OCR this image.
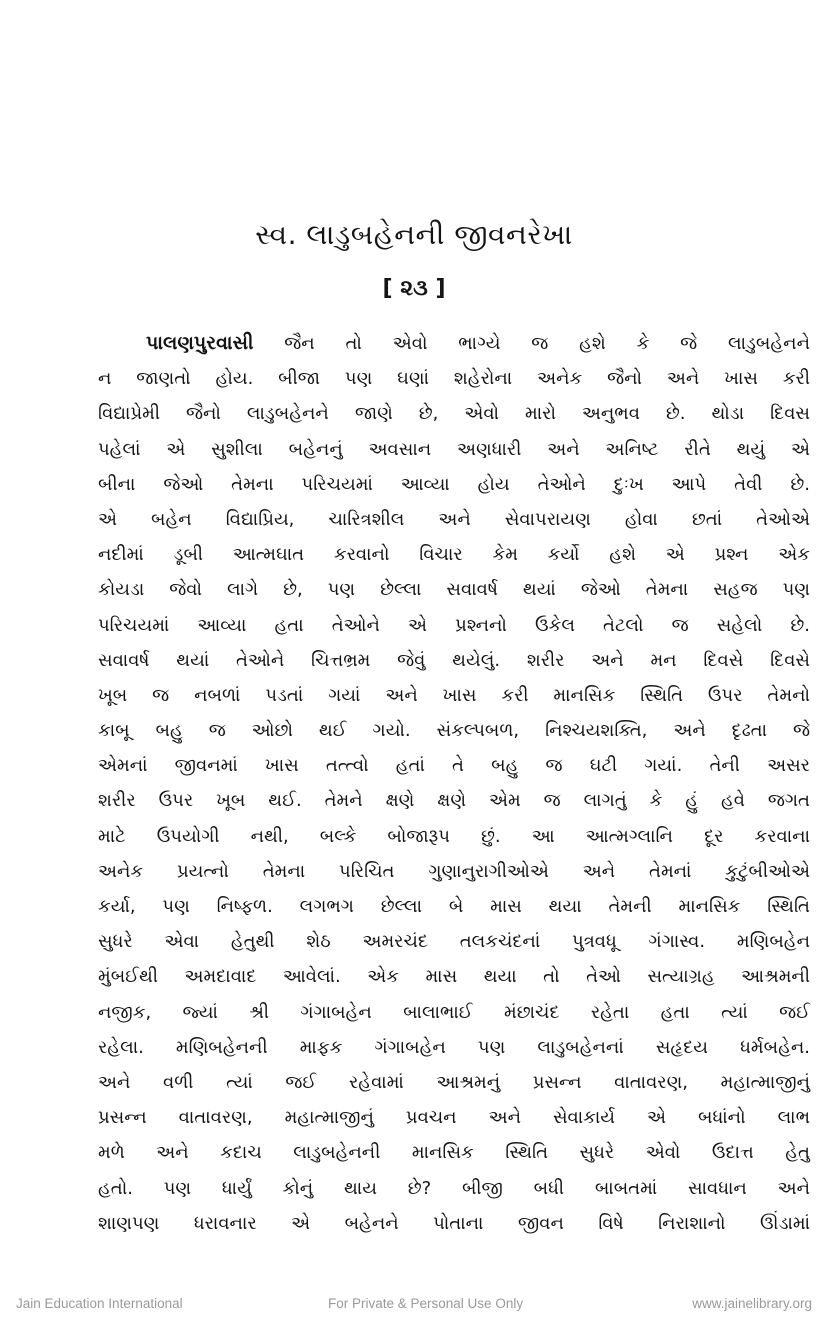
સ્વ. લાડુબહેનની જીવનરેખા
[ ૨૩ ]
પાલણપુરવાસી જૈન તો એવો ભાગ્યે જ હશે કે જે લાડુબહેનને
ન જાણતો હોય. બીજા પણ ઘણાં શહેરોના અનેક જૈનો અને ખાસ કરી
વિદ્યાપ્રેમી જૈનો લાડુબહેનને જાણે છે, એવો મારો અનુભવ છે. થોડા દિવસ
પહેલાં એ સુશીલા બહેનનું અવસાન અણધારી અને અનિષ્ટ રીતે થયું એ
બીના જેઓ તેમના પરિચયમાં આવ્યા હોય તેઓને દુઃખ આપે તેવી છે.
એ બહેન વિદ્યાપ્રિય, ચારિત્રશીલ અને સેવાપરાયણ હોવા છતાં તેઓએ
નદીમાં ડૂબી આત્મઘાત કરવાનો વિચાર કેમ કર્યો હશે એ પ્રશ્ન એક
કોયડા જેવો લાગે છે, પણ છેલ્લા સવાવર્ષ થયાં જેઓ તેમના સહજ પણ
પરિચયમાં આવ્યા હતા તેઓને એ પ્રશ્નનો ઉકેલ તેટલો જ સહેલો છે.
સવાવર્ષ થયાં તેઓને ચિત્તભ્રમ જેવું થયેલું. શરીર અને મન દિવસે દિવસે
ખૂબ જ નબળાં પડતાં ગયાં અને ખાસ કરી માનસિક સ્થિતિ ઉપર તેમનો
કાબૂ બહુ જ ઓછો થઈ ગયો. સંકલ્પબળ, નિશ્ચયશક્તિ, અને દૃઢતા જે
એમનાં જીવનમાં ખાસ તત્ત્વો હતાં તે બહુ જ ઘટી ગયાં. તેની અસર
શરીર ઉપર ખૂબ થઈ. તેમને ક્ષણે ક્ષણે એમ જ લાગતું કે હું હવે જગત
માટે ઉપયોગી નથી, બલ્કે બોજારૂપ છું. આ આત્મગ્લાનિ દૂર કરવાના
અનેક પ્રયત્નો તેમના પરિચિત ગુણાનુરાગીઓએ અને તેમનાં કુટુંબીઓએ
કર્યા, પણ નિષ્ફળ. લગભગ છેલ્લા બે માસ થયા તેમની માનસિક સ્થિતિ
સુધરે એવા હેતુથી શેઠ અમરચંદ તલકચંદનાં પુત્રવધૂ ગંગાસ્વ. મણિબહેન
મુંબઈથી અમદાવાદ આવેલાં. એક માસ થયા તો તેઓ સત્યાગ્રહ આશ્રમની
નજીક, જ્યાં શ્રી ગંગાબહેન બાલાભાઈ મંછાચંદ રહેતા હતા ત્યાં જઈ
રહેલા. મણિબહેનની માફક ગંગાબહેન પણ લાડુબહેનનાં સહૃદય ધર્મબહેન.
અને વળી ત્યાં જઈ રહેવામાં આશ્રમનું પ્રસન્ન વાતાવરણ, મહાત્માજીનું
પ્રસન્ન વાતાવરણ, મહાત્માજીનું પ્રવચન અને સેવાકાર્ય એ બધાંનો લાભ
મળે અને કદાચ લાડુબહેનની માનસિક સ્થિતિ સુધરે એવો ઉદાત્ત હેતુ
હતો. પણ ધાર્યું કોનું થાય છે? બીજી બધી બાબતમાં સાવધાન અને
શાણપણ ધરાવનાર એ બહેનને પોતાના જીવન વિષે નિરાશાનો ઊંડામાં
Jain Education International	For Private & Personal Use Only	www.jainelibrary.org
